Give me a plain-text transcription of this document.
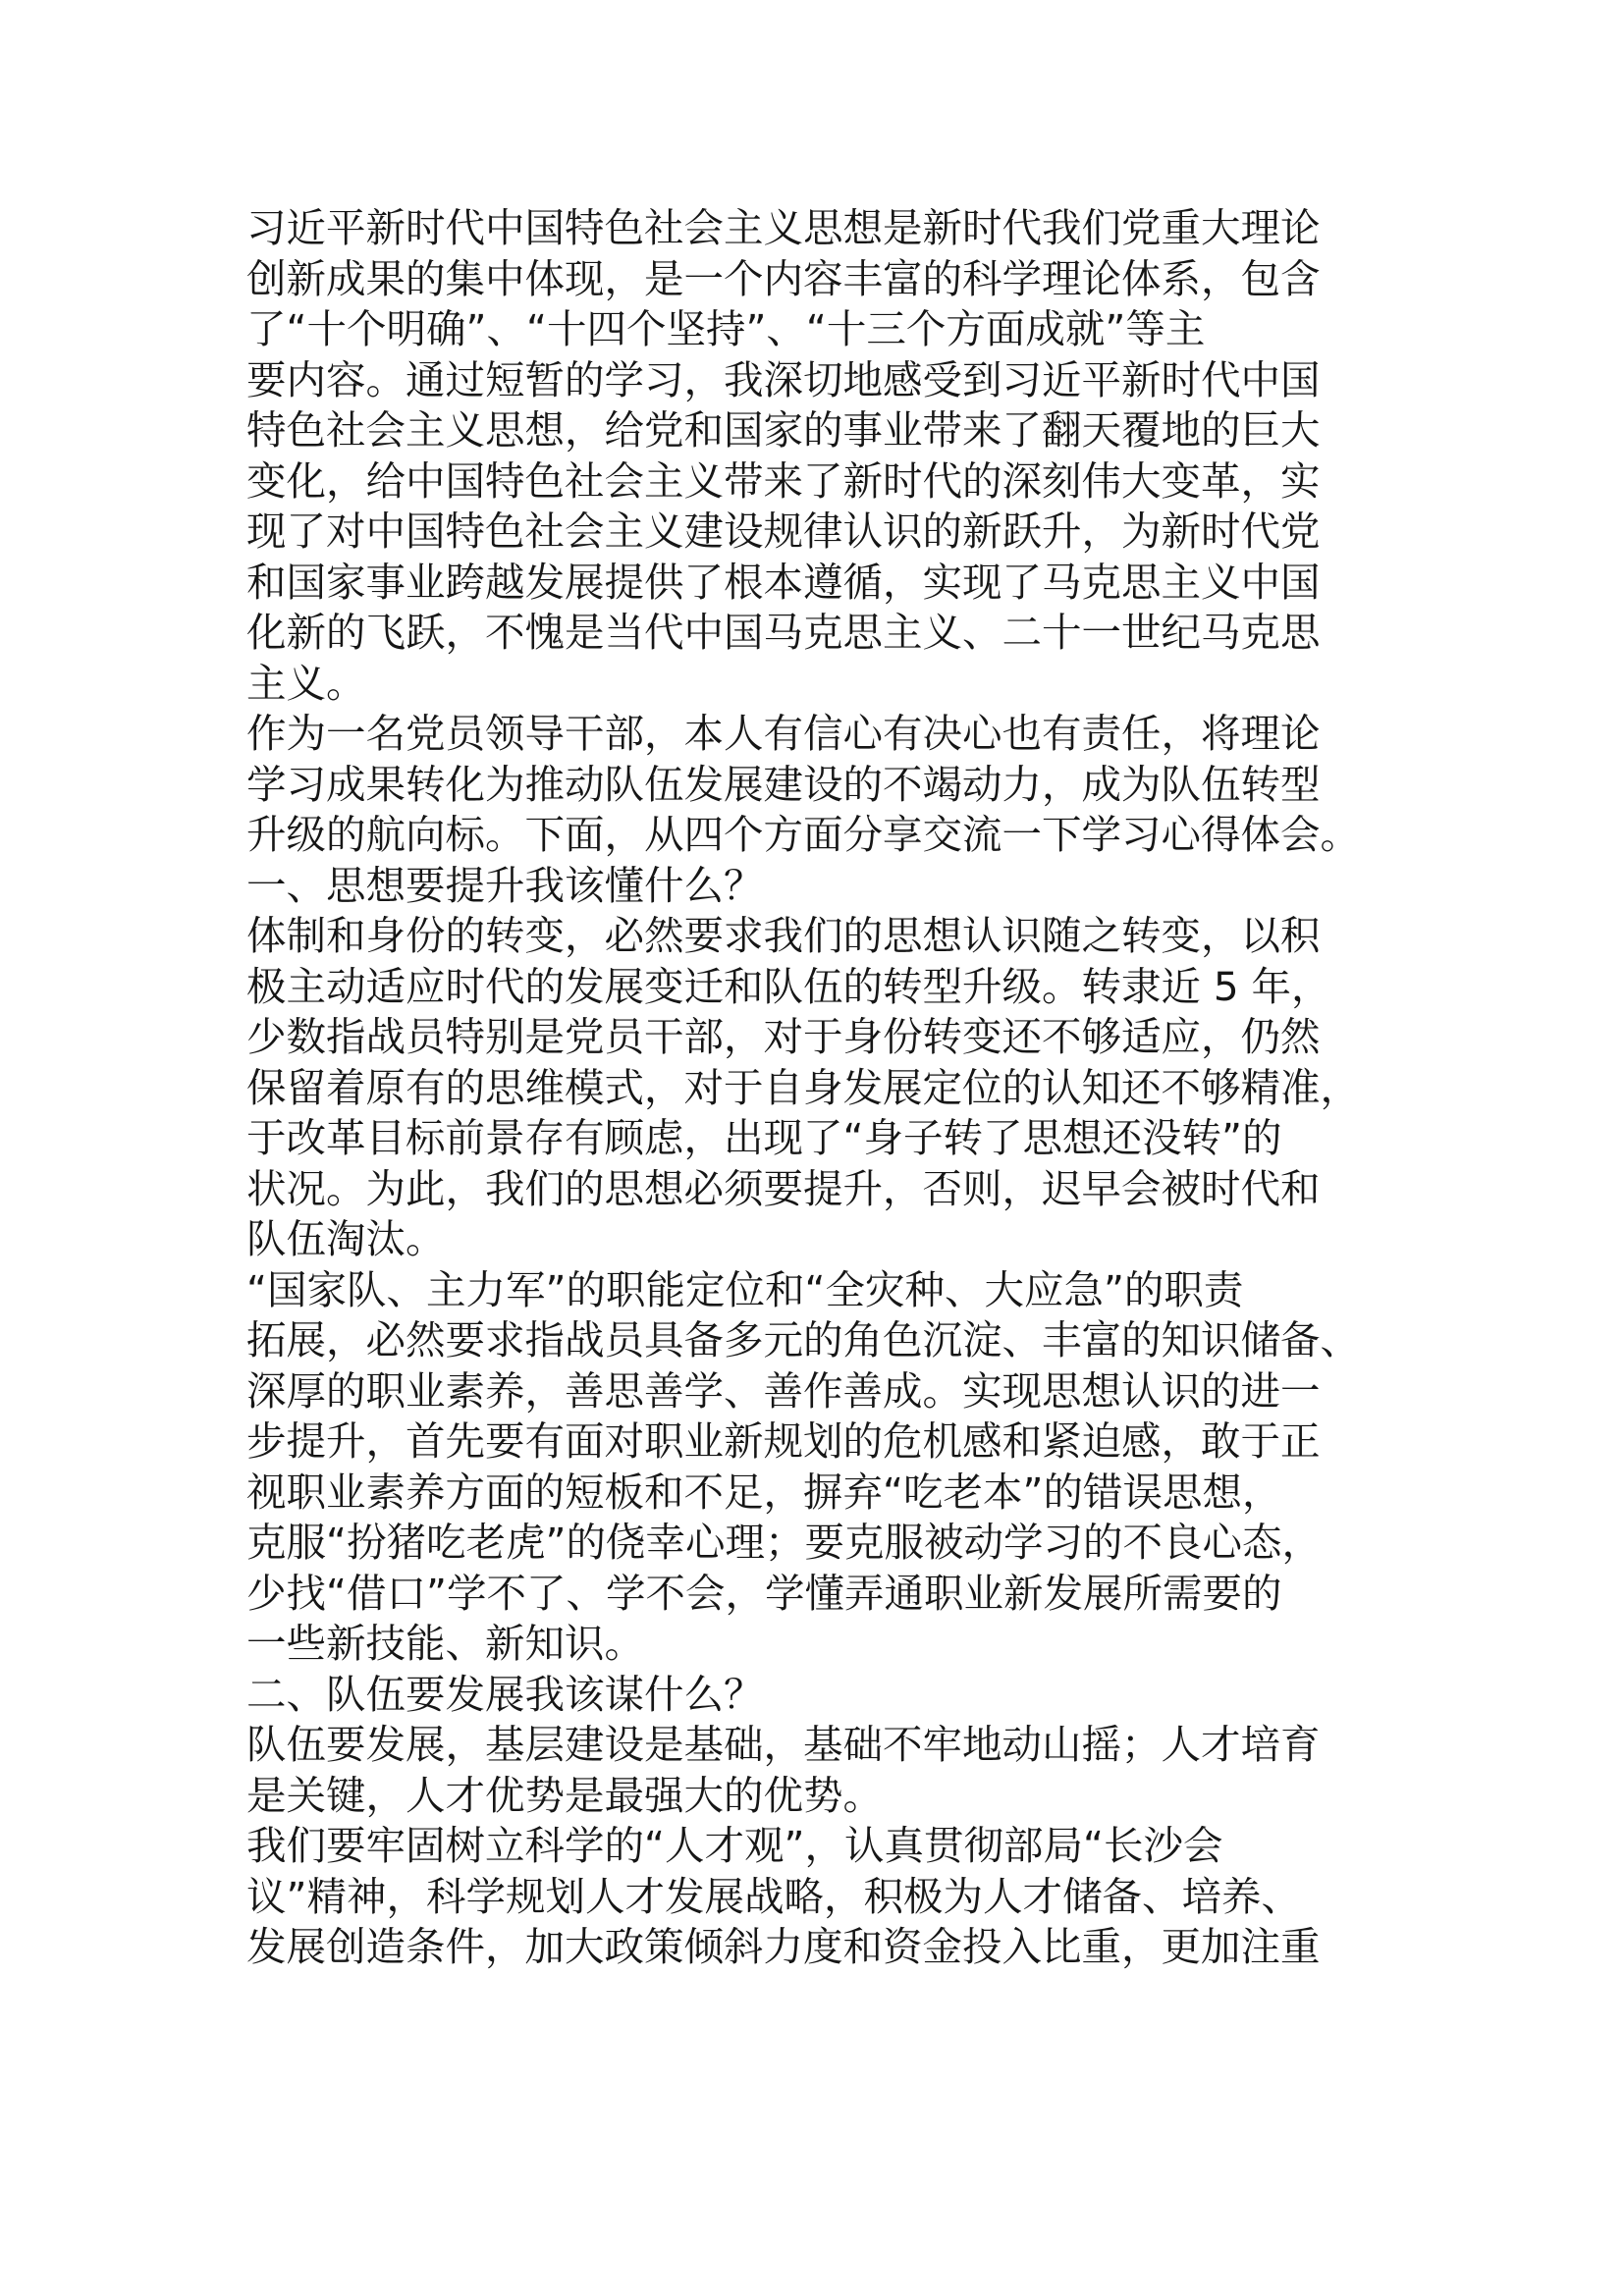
习近平新时代中国特色社会主义思想是新时代我们党重大理论
创新成果的集中体现，是一个内容丰富的科学理论体系，包含
了“十个明确”、“十四个坚持”、“十三个方面成就”等主
要内容。通过短暂的学习，我深切地感受到习近平新时代中国
特色社会主义思想，给党和国家的事业带来了翻天覆地的巨大
变化，给中国特色社会主义带来了新时代的深刻伟大变革，实
现了对中国特色社会主义建设规律认识的新跃升，为新时代党
和国家事业跨越发展提供了根本遵循，实现了马克思主义中国
化新的飞跃，不愧是当代中国马克思主义、二十一世纪马克思
主义。
作为一名党员领导干部，本人有信心有决心也有责任，将理论
学习成果转化为推动队伍发展建设的不竭动力，成为队伍转型
升级的航向标。下面，从四个方面分享交流一下学习心得体会。
一、思想要提升我该懂什么？
体制和身份的转变，必然要求我们的思想认识随之转变，以积
极主动适应时代的发展变迁和队伍的转型升级。转隶近 5 年，
少数指战员特别是党员干部，对于身份转变还不够适应，仍然
保留着原有的思维模式，对于自身发展定位的认知还不够精准，
于改革目标前景存有顾虑，出现了“身子转了思想还没转”的
状况。为此，我们的思想必须要提升，否则，迟早会被时代和
队伍淘汰。
“国家队、主力军”的职能定位和“全灾种、大应急”的职责
拓展，必然要求指战员具备多元的角色沉淀、丰富的知识储备、
深厚的职业素养，善思善学、善作善成。实现思想认识的进一
步提升，首先要有面对职业新规划的危机感和紧迫感，敢于正
视职业素养方面的短板和不足，摒弃“吃老本”的错误思想，
克服“扮猪吃老虎”的侥幸心理；要克服被动学习的不良心态，
少找“借口”学不了、学不会，学懂弄通职业新发展所需要的
一些新技能、新知识。
二、队伍要发展我该谋什么？
队伍要发展，基层建设是基础，基础不牢地动山摇；人才培育
是关键，人才优势是最强大的优势。
我们要牢固树立科学的“人才观”，认真贯彻部局“长沙会
议”精神，科学规划人才发展战略，积极为人才储备、培养、
发展创造条件，加大政策倾斜力度和资金投入比重，更加注重
